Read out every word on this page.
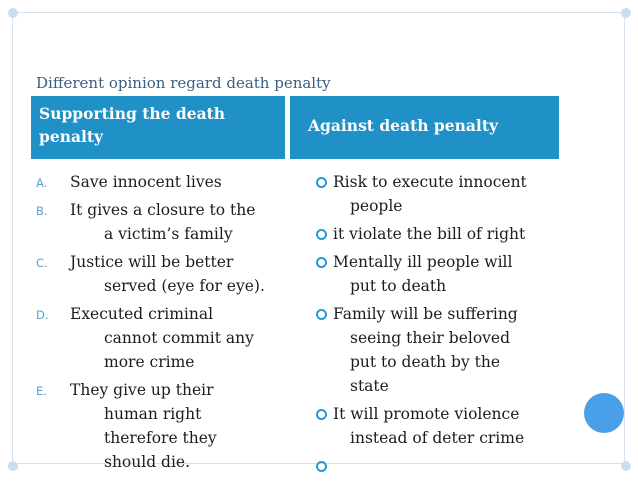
Different opinion regard death penalty
Supporting the death
penalty
Against death penalty
A. Save innocent lives
B. It gives a closure to the
a victim’s family
C. Justice will be better
served (eye for eye).
D. Executed criminal
cannot commit any
more crime
E. They give up their
human right
therefore they
should die.
Risk to execute innocent
people
it violate the bill of right
Mentally ill people will
put to death
Family will be suffering
seeing their beloved
put to death by the
state
It will promote violence
instead of deter crime
